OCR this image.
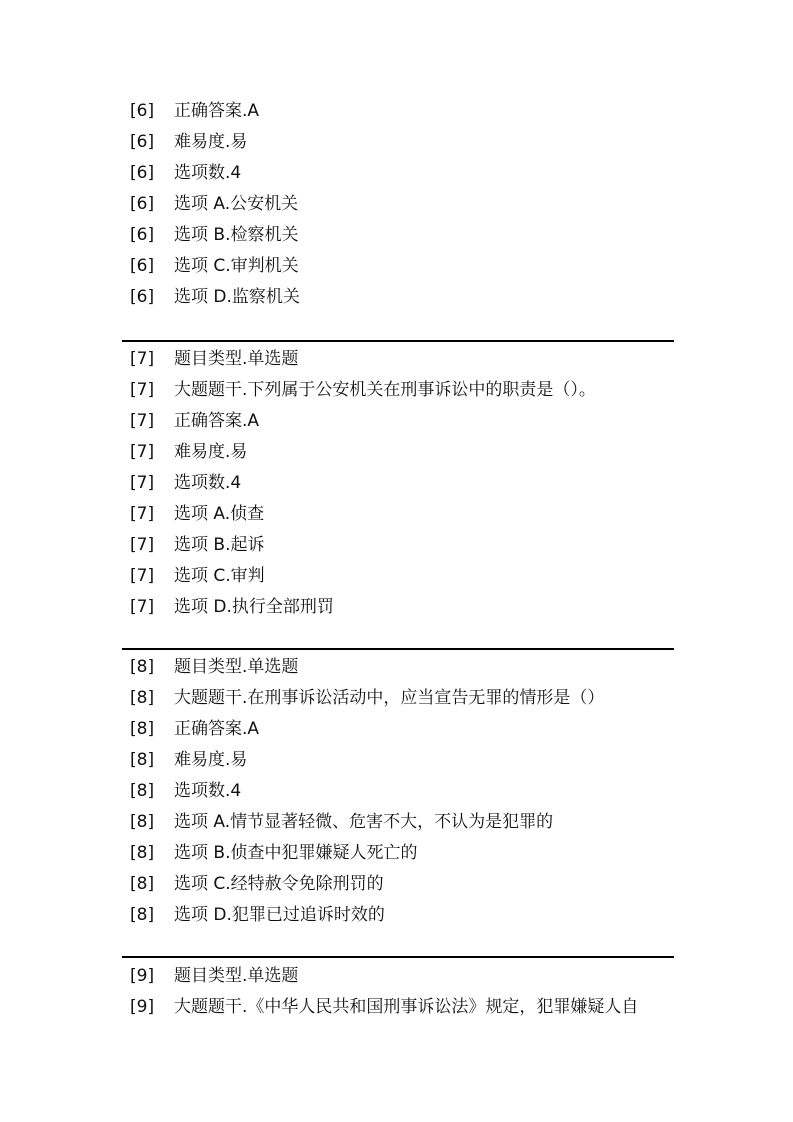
[6]	正确答案.A
[6]	难易度.易
[6]	选项数.4
[6]	选项 A.公安机关
[6]	选项 B.检察机关
[6]	选项 C.审判机关
[6]	选项 D.监察机关
[7]	题目类型.单选题
[7]	大题题干.下列属于公安机关在刑事诉讼中的职责是（）。
[7]	正确答案.A
[7]	难易度.易
[7]	选项数.4
[7]	选项 A.侦查
[7]	选项 B.起诉
[7]	选项 C.审判
[7]	选项 D.执行全部刑罚
[8]	题目类型.单选题
[8]	大题题干.在刑事诉讼活动中，应当宣告无罪的情形是（）
[8]	正确答案.A
[8]	难易度.易
[8]	选项数.4
[8]	选项 A.情节显著轻微、危害不大，不认为是犯罪的
[8]	选项 B.侦查中犯罪嫌疑人死亡的
[8]	选项 C.经特赦令免除刑罚的
[8]	选项 D.犯罪已过追诉时效的
[9]	题目类型.单选题
[9]	大题题干.《中华人民共和国刑事诉讼法》规定，犯罪嫌疑人自
